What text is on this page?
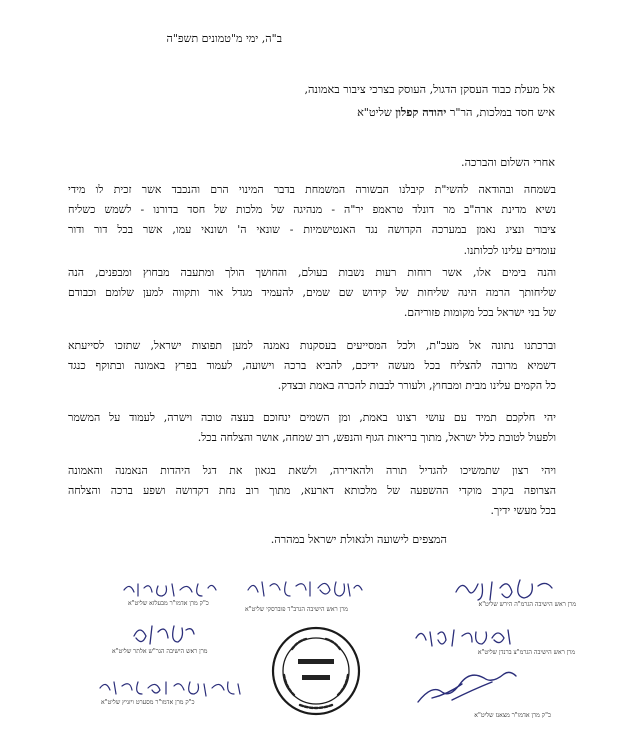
ב"ה, ימי מ"טמונים תשפ"ה
אל מעלת כבוד העסקן הדגול, העוסק בצרכי ציבור באמונה,
איש חסד במלכות, הר"ר יהודה קפלון שליט"א
אחרי השלום והברכה.
בשמחה ובהודאה להשי"ת קיבלנו הבשורה המשמחת בדבר המינוי הרם והנכבד אשר זכית לו מידי
נשיא מדינת ארה"ב מר דונלד טראמפ יר"ה - מנהיגה של מלכות של חסד בדורנו - לשמש כשליח
ציבור ונציג נאמן במערכה הקדושה נגד האנטישמיות - שונאי ה' ושונאי עמו, אשר בכל דור ודור
עומדים עלינו לכלותנו.
והנה בימים אלו, אשר רוחות רעות נשבות בעולם, והחושך הולך ומתעבה מבחוץ ומבפנים, הנה
שליחותך הרמה הינה שליחות של קידוש שם שמים, להעמיד מגדל אור ותקווה למען שלומם וכבודם
של בני ישראל בכל מקומות פזוריהם.
וברכתנו נתונה אל מעכ"ת, ולכל המסייעים בעסקנות נאמנה למען תפוצות ישראל, שתזכו לסייעתא
דשמיא מרובה להצליח בכל מעשה ידיכם, להביא ברכה וישועה, לעמוד בפרץ באמונה ובתוקף כנגד
כל הקמים עלינו מבית ומבחוץ, ולעורר לבבות להכרה באמת ובצדק.
יהי חלקכם תמיד עם עושי רצונו באמת, ומן השמים ינחוכם בעצה טובה וישרה, לעמוד על המשמר
ולפעול לטובת כלל ישראל, מתוך בריאות הגוף והנפש, רוב שמחה, אושר והצלחה בכל.
ויהי רצון שתמשיכו להגדיל תורה ולהאדירה, ולשאת בגאון את דגל היהדות הנאמנה והאמונה
הצרופה בקרב מוקדי ההשפעה של מלכותא דארעא, מתוך רוב נחת דקדושה ושפע ברכה והצלחה
בכל מעשי ידיך.
המצפים לישועה ולגאולת ישראל במהרה.
מרן ראש הישיבה הגרמ"ה הירש שליט"א
מרן ראש הישיבה הגרמ"צ ברנדן שליט"א
כ"ק מרן אדמו"ר מצאנז שליט"א
כ"ק מרן אדמו"ר מבעלזא שליט"א
מרן ראש הישיבה הגר"ש אלתר שליט"א
כ"ק מרן אדמו"ר מסערט ויזניץ שליט"א
מרן ראש הישיבה הגרב"ד פוברסקי שליט"א
